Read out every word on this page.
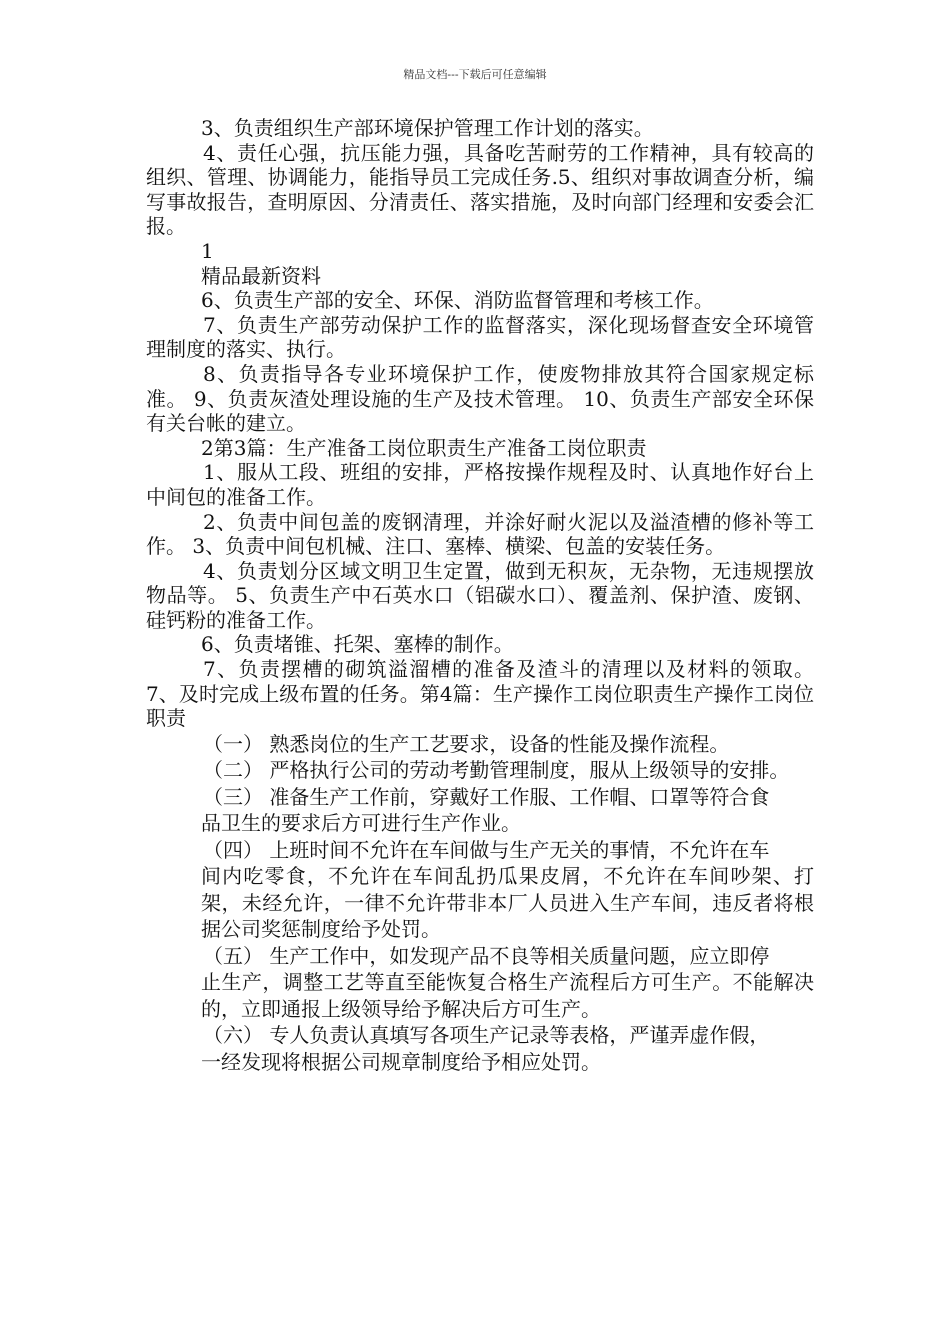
精品文档---下载后可任意编辑

3、负责组织生产部环境保护管理工作计划的落实。

4、责任心强，抗压能力强，具备吃苦耐劳的工作精神，具有较高的组织、管理、协调能力，能指导员工完成任务.5、组织对事故调查分析，编写事故报告，查明原因、分清责任、落实措施，及时向部门经理和安委会汇报。

1

精品最新资料

6、负责生产部的安全、环保、消防监督管理和考核工作。

7、负责生产部劳动保护工作的监督落实，深化现场督查安全环境管理制度的落实、执行。

8、负责指导各专业环境保护工作，使废物排放其符合国家规定标准。 9、负责灰渣处理设施的生产及技术管理。 10、负责生产部安全环保有关台帐的建立。

2第3篇：生产准备工岗位职责生产准备工岗位职责

1、服从工段、班组的安排，严格按操作规程及时、认真地作好台上中间包的准备工作。

2、负责中间包盖的废钢清理，并涂好耐火泥以及溢渣槽的修补等工作。 3、负责中间包机械、注口、塞棒、横梁、包盖的安装任务。

4、负责划分区域文明卫生定置，做到无积灰，无杂物，无违规摆放物品等。 5、负责生产中石英水口（铝碳水口）、覆盖剂、保护渣、废钢、硅钙粉的准备工作。

6、负责堵锥、托架、塞棒的制作。

7、负责摆槽的砌筑溢溜槽的准备及渣斗的清理以及材料的领取。 7、及时完成上级布置的任务。第4篇：生产操作工岗位职责生产操作工岗位职责

（一） 熟悉岗位的生产工艺要求，设备的性能及操作流程。

（二） 严格执行公司的劳动考勤管理制度，服从上级领导的安排。

（三） 准备生产工作前，穿戴好工作服、工作帽、口罩等符合食

品卫生的要求后方可进行生产作业。

（四） 上班时间不允许在车间做与生产无关的事情，不允许在车

间内吃零食，不允许在车间乱扔瓜果皮屑，不允许在车间吵架、打架，未经允许，一律不允许带非本厂人员进入生产车间，违反者将根据公司奖惩制度给予处罚。

（五） 生产工作中，如发现产品不良等相关质量问题，应立即停

止生产，调整工艺等直至能恢复合格生产流程后方可生产。不能解决的，立即通报上级领导给予解决后方可生产。

（六） 专人负责认真填写各项生产记录等表格，严谨弄虚作假，

一经发现将根据公司规章制度给予相应处罚。
